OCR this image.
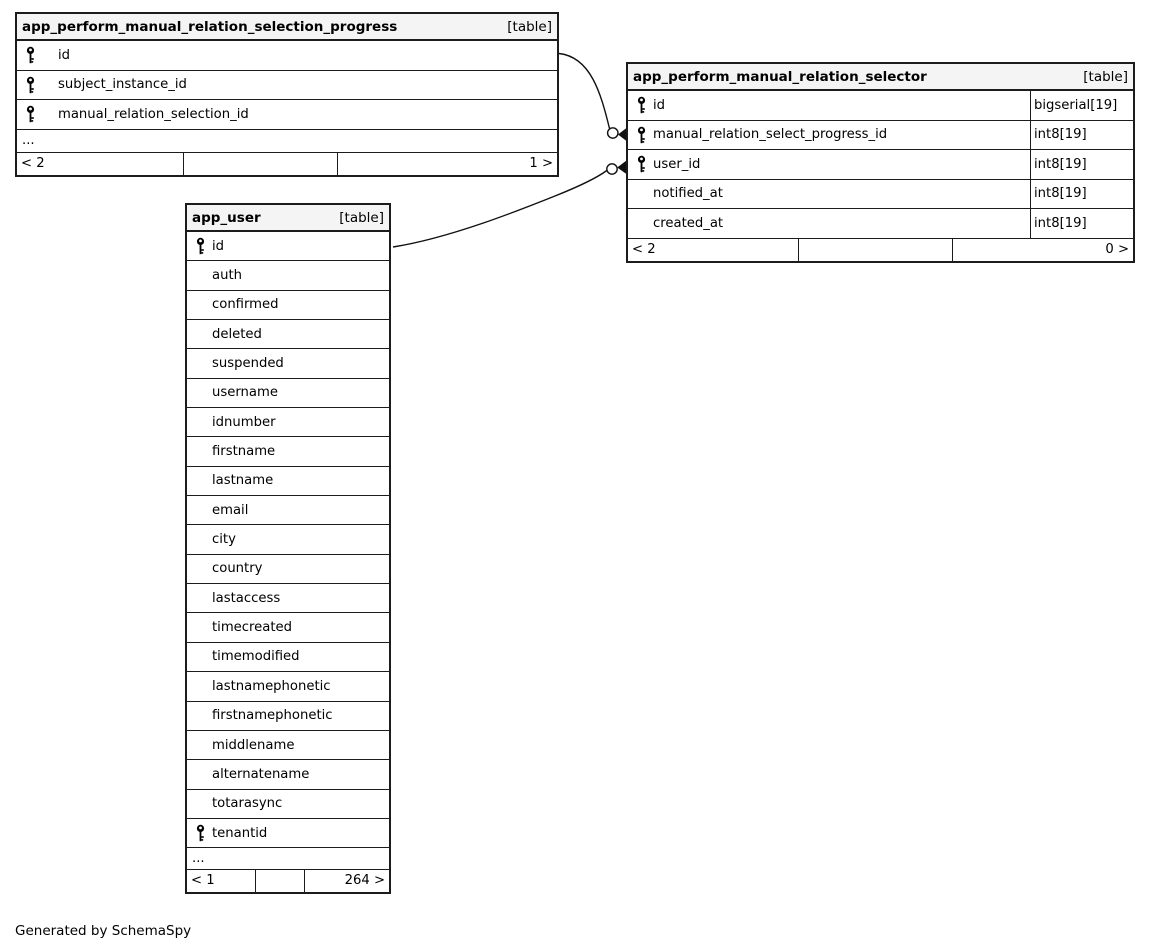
app_perform_manual_relation_selection_progress	[table]
id
subject_instance_id
manual_relation_selection_id
...
< 2	1 >
app_perform_manual_relation_selector	[table]
id	bigserial[19]
manual_relation_select_progress_id	int8[19]
user_id	int8[19]
notified_at	int8[19]
created_at	int8[19]
< 2	0 >
app_user	[table]
id
auth
confirmed
deleted
suspended
username
idnumber
firstname
lastname
email
city
country
lastaccess
timecreated
timemodified
lastnamephonetic
firstnamephonetic
middlename
alternatename
totarasync
tenantid
...
< 1	264 >
Generated by SchemaSpy
